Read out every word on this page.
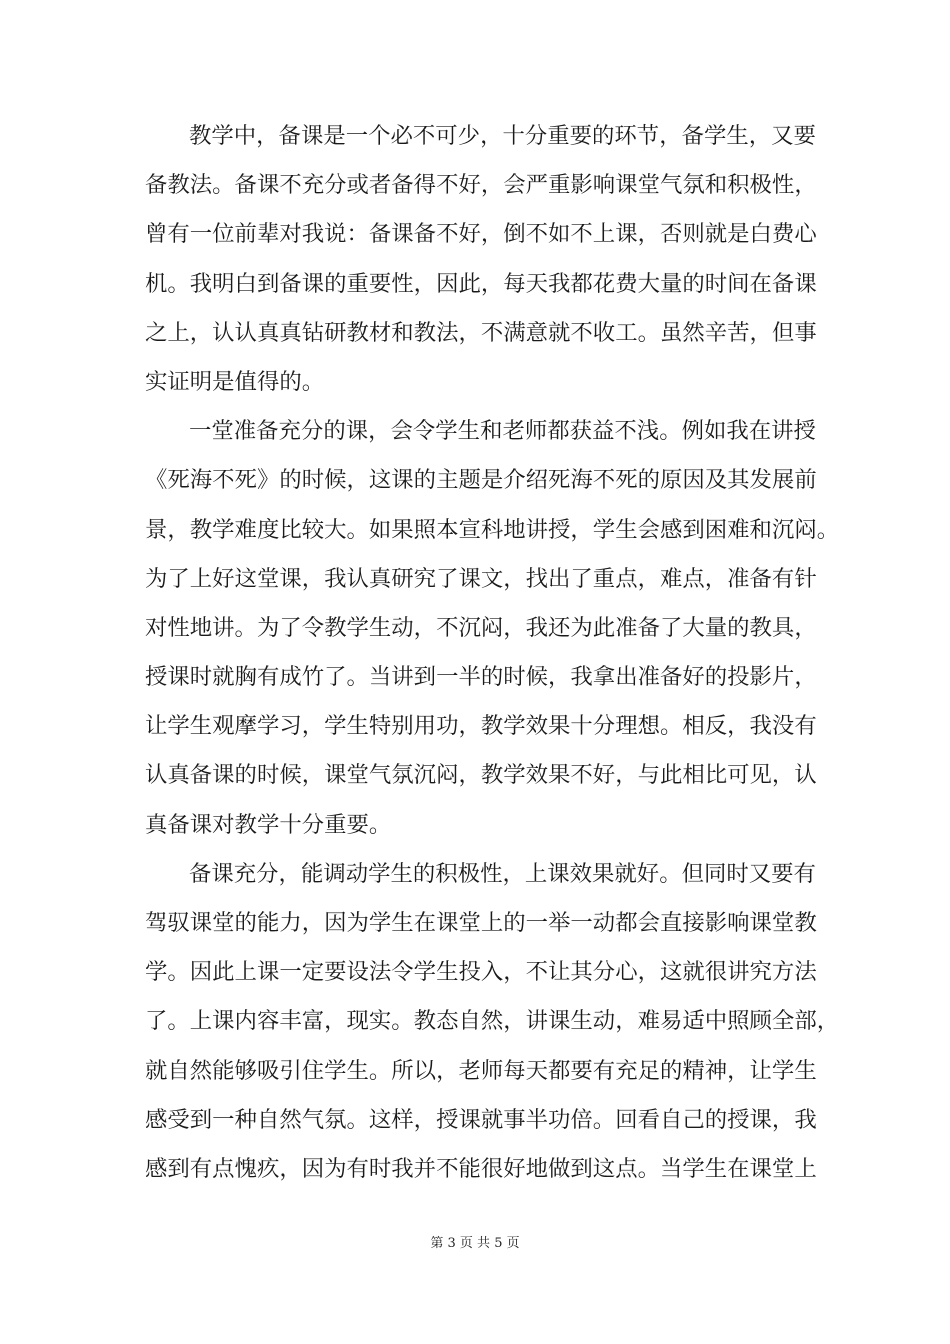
教学中，备课是一个必不可少，十分重要的环节，备学生，又要
备教法。备课不充分或者备得不好，会严重影响课堂气氛和积极性，
曾有一位前辈对我说：备课备不好，倒不如不上课，否则就是白费心
机。我明白到备课的重要性，因此，每天我都花费大量的时间在备课
之上，认认真真钻研教材和教法，不满意就不收工。虽然辛苦，但事
实证明是值得的。
一堂准备充分的课，会令学生和老师都获益不浅。例如我在讲授
《死海不死》的时候，这课的主题是介绍死海不死的原因及其发展前
景，教学难度比较大。如果照本宣科地讲授，学生会感到困难和沉闷。
为了上好这堂课，我认真研究了课文，找出了重点，难点，准备有针
对性地讲。为了令教学生动，不沉闷，我还为此准备了大量的教具，
授课时就胸有成竹了。当讲到一半的时候，我拿出准备好的投影片，
让学生观摩学习，学生特别用功，教学效果十分理想。相反，我没有
认真备课的时候，课堂气氛沉闷，教学效果不好，与此相比可见，认
真备课对教学十分重要。
备课充分，能调动学生的积极性，上课效果就好。但同时又要有
驾驭课堂的能力，因为学生在课堂上的一举一动都会直接影响课堂教
学。因此上课一定要设法令学生投入，不让其分心，这就很讲究方法
了。上课内容丰富，现实。教态自然，讲课生动，难易适中照顾全部，
就自然能够吸引住学生。所以，老师每天都要有充足的精神，让学生
感受到一种自然气氛。这样，授课就事半功倍。回看自己的授课，我
感到有点愧疚，因为有时我并不能很好地做到这点。当学生在课堂上
第 3 页 共 5 页
